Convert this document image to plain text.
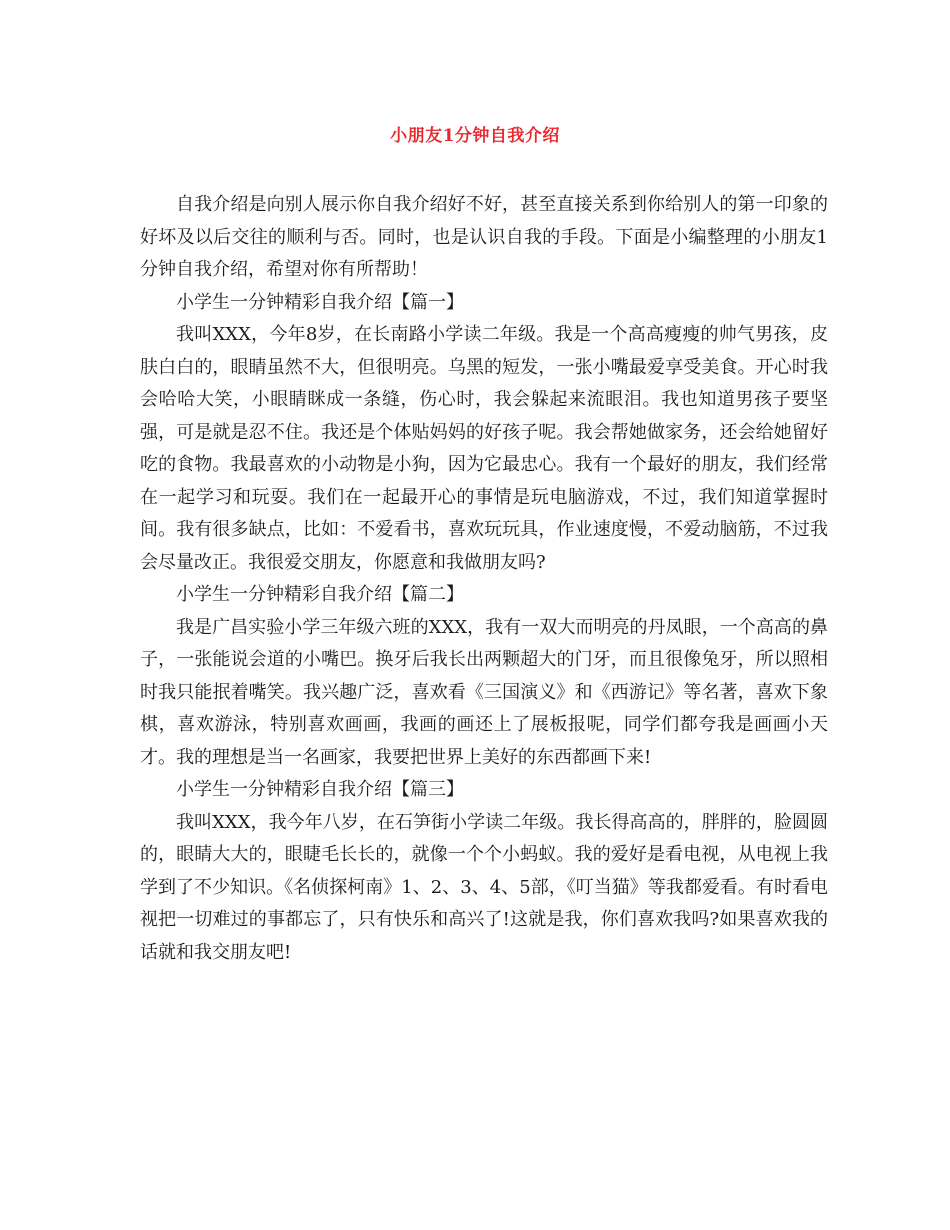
小朋友1分钟自我介绍

自我介绍是向别人展示你自我介绍好不好，甚至直接关系到你给别人的第一印象的好坏及以后交往的顺利与否。同时，也是认识自我的手段。下面是小编整理的小朋友1分钟自我介绍，希望对你有所帮助！

小学生一分钟精彩自我介绍【篇一】

我叫XXX，今年8岁，在长南路小学读二年级。我是一个高高瘦瘦的帅气男孩，皮肤白白的，眼睛虽然不大，但很明亮。乌黑的短发，一张小嘴最爱享受美食。开心时我会哈哈大笑，小眼睛眯成一条缝，伤心时，我会躲起来流眼泪。我也知道男孩子要坚强，可是就是忍不住。我还是个体贴妈妈的好孩子呢。我会帮她做家务，还会给她留好吃的食物。我最喜欢的小动物是小狗，因为它最忠心。我有一个最好的朋友，我们经常在一起学习和玩耍。我们在一起最开心的事情是玩电脑游戏，不过，我们知道掌握时间。我有很多缺点，比如：不爱看书，喜欢玩玩具，作业速度慢，不爱动脑筋，不过我会尽量改正。我很爱交朋友，你愿意和我做朋友吗?

小学生一分钟精彩自我介绍【篇二】

我是广昌实验小学三年级六班的XXX，我有一双大而明亮的丹凤眼，一个高高的鼻子，一张能说会道的小嘴巴。换牙后我长出两颗超大的门牙，而且很像兔牙，所以照相时我只能抿着嘴笑。我兴趣广泛，喜欢看《三国演义》和《西游记》等名著，喜欢下象棋，喜欢游泳，特别喜欢画画，我画的画还上了展板报呢，同学们都夸我是画画小天才。我的理想是当一名画家，我要把世界上美好的东西都画下来!

小学生一分钟精彩自我介绍【篇三】

我叫XXX，我今年八岁，在石笋街小学读二年级。我长得高高的，胖胖的，脸圆圆的，眼睛大大的，眼睫毛长长的，就像一个个小蚂蚁。我的爱好是看电视，从电视上我学到了不少知识。《名侦探柯南》1、2、3、4、5部，《叮当猫》等我都爱看。有时看电视把一切难过的事都忘了，只有快乐和高兴了!这就是我，你们喜欢我吗?如果喜欢我的话就和我交朋友吧!
